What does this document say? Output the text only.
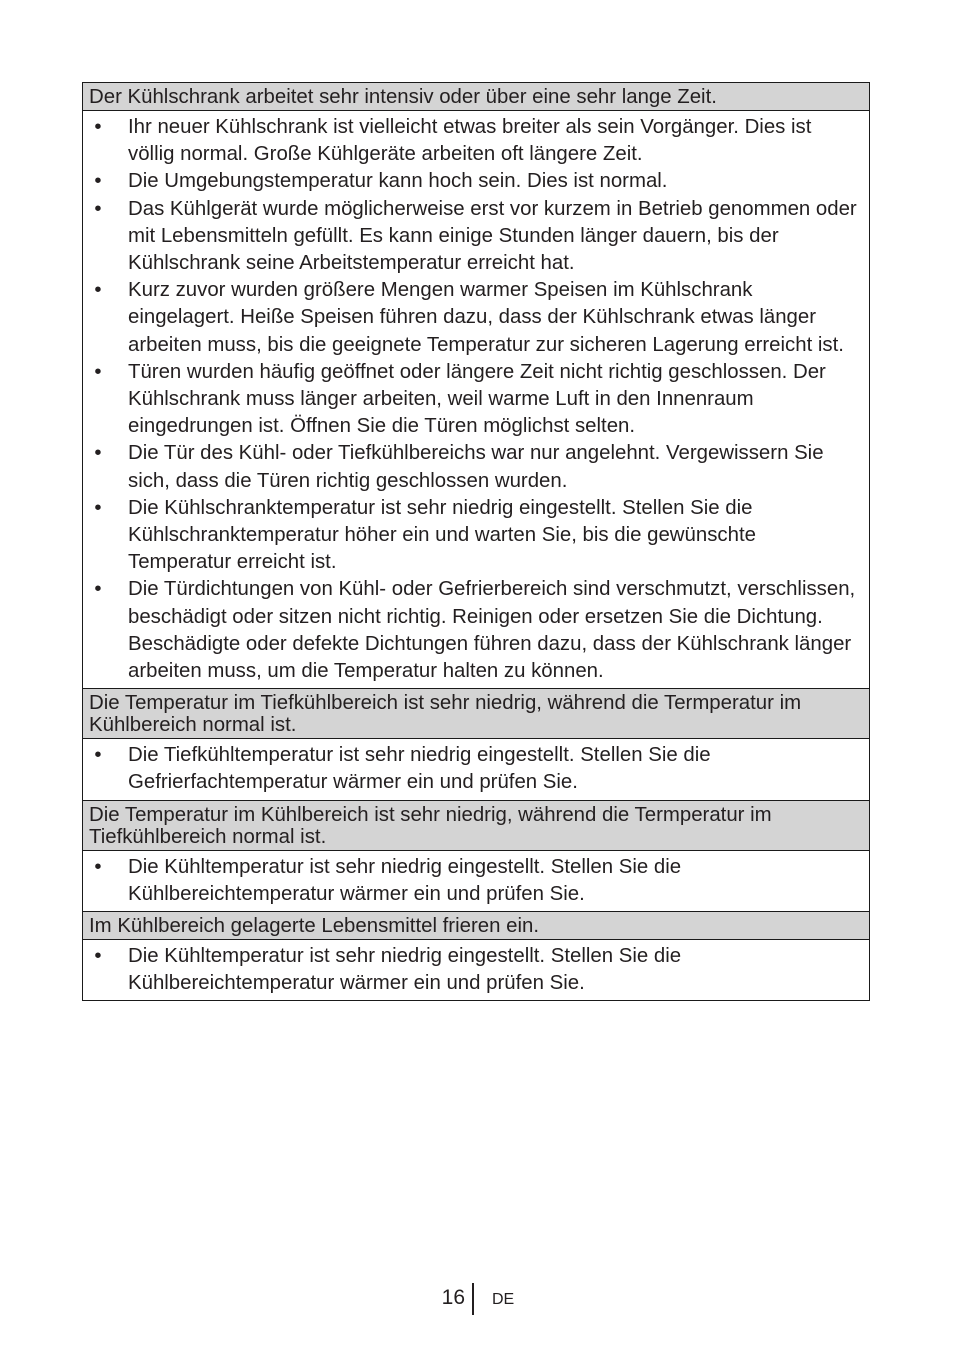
Der Kühlschrank arbeitet sehr intensiv oder über eine sehr lange Zeit.
• Ihr neuer Kühlschrank ist vielleicht etwas breiter als sein Vorgänger. Dies ist völlig normal. Große Kühlgeräte arbeiten oft längere Zeit.
• Die Umgebungstemperatur kann hoch sein. Dies ist normal.
• Das Kühlgerät wurde möglicherweise erst vor kurzem in Betrieb genommen oder mit Lebensmitteln gefüllt. Es kann einige Stunden länger dauern, bis der Kühlschrank seine Arbeitstemperatur erreicht hat.
• Kurz zuvor wurden größere Mengen warmer Speisen im Kühlschrank eingelagert. Heiße Speisen führen dazu, dass der Kühlschrank etwas länger arbeiten muss, bis die geeignete Temperatur zur sicheren Lagerung erreicht ist.
• Türen wurden häufig geöffnet oder längere Zeit nicht richtig geschlossen. Der Kühlschrank muss länger arbeiten, weil warme Luft in den Innenraum eingedrungen ist. Öffnen Sie die Türen möglichst selten.
• Die Tür des Kühl- oder Tiefkühlbereichs war nur angelehnt. Vergewissern Sie sich, dass die Türen richtig geschlossen wurden.
• Die Kühlschranktemperatur ist sehr niedrig eingestellt. Stellen Sie die Kühlschranktemperatur höher ein und warten Sie, bis die gewünschte Temperatur erreicht ist.
• Die Türdichtungen von Kühl- oder Gefrierbereich sind verschmutzt, verschlissen, beschädigt oder sitzen nicht richtig. Reinigen oder ersetzen Sie die Dichtung. Beschädigte oder defekte Dichtungen führen dazu, dass der Kühlschrank länger arbeiten muss, um die Temperatur halten zu können.
Die Temperatur im Tiefkühlbereich ist sehr niedrig, während die Termperatur im Kühlbereich normal ist.
• Die Tiefkühltemperatur ist sehr niedrig eingestellt. Stellen Sie die Gefrierfachtemperatur wärmer ein und prüfen Sie.
Die Temperatur im Kühlbereich ist sehr niedrig, während die Termperatur im Tiefkühlbereich normal ist.
• Die Kühltemperatur ist sehr niedrig eingestellt. Stellen Sie die Kühlbereichtemperatur wärmer ein und prüfen Sie.
Im Kühlbereich gelagerte Lebensmittel frieren ein.
• Die Kühltemperatur ist sehr niedrig eingestellt. Stellen Sie die Kühlbereichtemperatur wärmer ein und prüfen Sie.
16 DE
